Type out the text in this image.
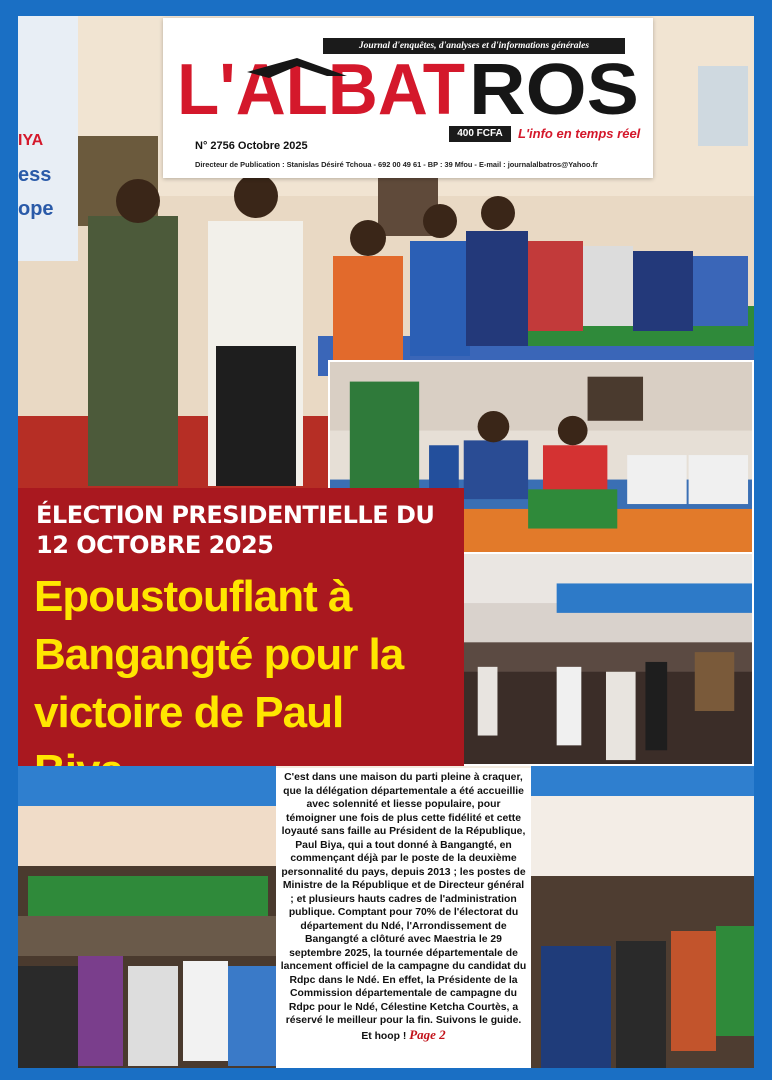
IYA
ess
ope
Journal d'enquêtes, d'analyses et d'informations générales
L'ALBAT ROS
400 FCFA	L'info en temps réel
N° 2756 Octobre 2025
Directeur de Publication : Stanislas Désiré Tchoua - 692 00 49 61 - BP : 39 Mfou - E-mail : journalalbatros@Yahoo.fr
ÉLECTION PRESIDENTIELLE DU
12 OCTOBRE 2025
Epoustouflant à
Bangangté pour la
victoire de Paul
C'est dans une maison du parti pleine à craquer, que la délégation départementale a été accueillie avec solennité et liesse populaire, pour témoigner une fois de plus cette fidélité et cette loyauté sans faille au Président de la République, Paul Biya, qui a tout donné à Bangangté, en commençant déjà par le poste de la deuxième personnalité du pays, depuis 2013 ; les postes de Ministre de la République et de Directeur général ; et plusieurs hauts cadres de l'administration publique. Comptant pour 70% de l'électorat du département du Ndé, l'Arrondissement de Bangangté a clôturé avec Maestria le 29 septembre 2025, la tournée départementale de lancement officiel de la campagne du candidat du Rdpc dans le Ndé. En effet, la Présidente de la Commission départementale de campagne du Rdpc pour le Ndé, Célestine Ketcha Courtès, a réservé le meilleur pour la fin. Suivons le guide. Et hoop ! Page 2
